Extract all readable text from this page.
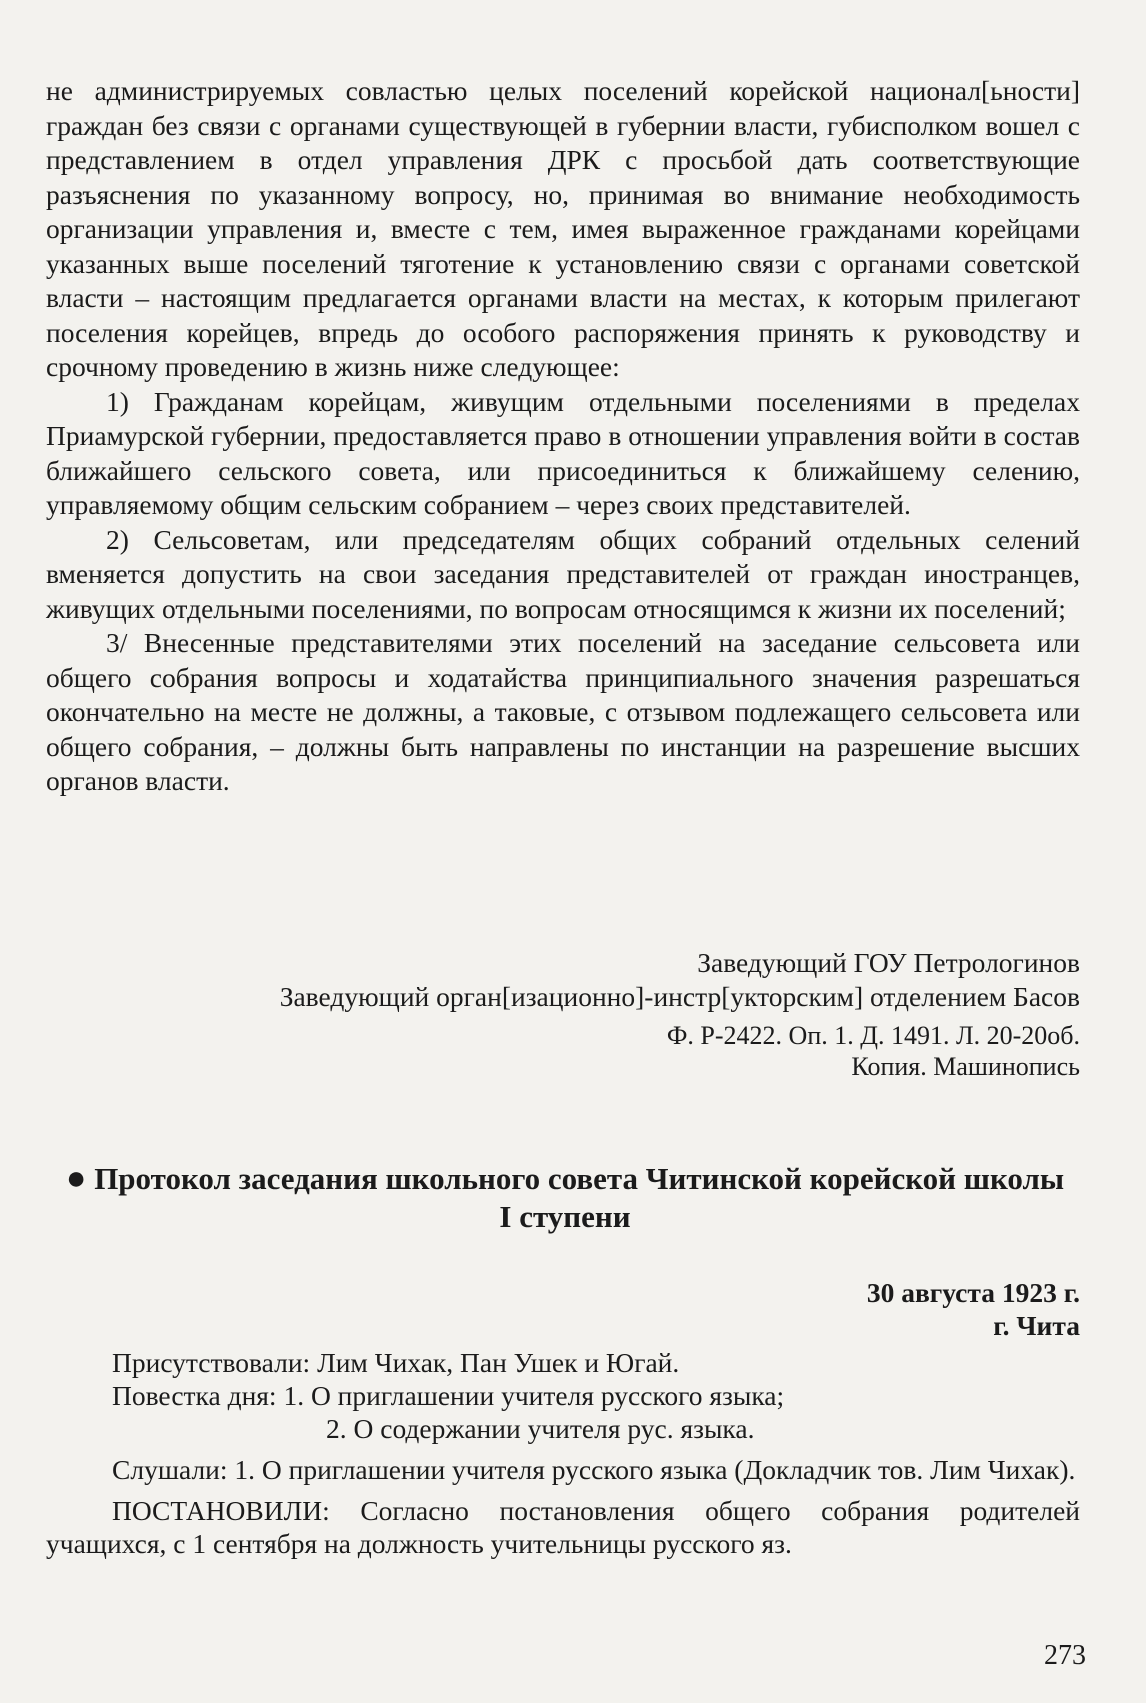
не администрируемых совластью целых поселений корейской национал[ьности] граждан без связи с органами существующей в губернии власти, губисполком вошел с представлением в отдел управления ДРК с просьбой дать соответствующие разъяснения по указанному вопросу, но, принимая во внимание необходимость организации управления и, вместе с тем, имея выраженное гражданами корейцами указанных выше поселений тяготение к установлению связи с органами советской власти – настоящим предлагается органами власти на местах, к которым прилегают поселения корейцев, впредь до особого распоряжения принять к руководству и срочному проведению в жизнь ниже следующее:

1) Гражданам корейцам, живущим отдельными поселениями в пределах Приамурской губернии, предоставляется право в отношении управления войти в состав ближайшего сельского совета, или присоединиться к ближайшему селению, управляемому общим сельским собранием – через своих представителей.

2) Сельсоветам, или председателям общих собраний отдельных селений вменяется допустить на свои заседания представителей от граждан иностранцев, живущих отдельными поселениями, по вопросам относящимся к жизни их поселений;

3/ Внесенные представителями этих поселений на заседание сельсовета или общего собрания вопросы и ходатайства принципиального значения разрешаться окончательно на месте не должны, а таковые, с отзывом подлежащего сельсовета или общего собрания, – должны быть направлены по инстанции на разрешение высших органов власти.

Заведующий ГОУ Петрологинов

Заведующий орган[изационно]-инстр[укторским] отделением Басов

Ф. Р-2422. Оп. 1. Д. 1491. Л. 20-20об.

Копия. Машинопись

● Протокол заседания школьного совета Читинской корейской школы I ступени

30 августа 1923 г.

г. Чита

Присутствовали: Лим Чихак, Пан Ушек и Югай.

Повестка дня: 1. О приглашении учителя русского языка;

2. О содержании учителя рус. языка.

Слушали: 1. О приглашении учителя русского языка (Докладчик тов. Лим Чихак).

ПОСТАНОВИЛИ: Согласно постановления общего собрания родителей учащихся, с 1 сентября на должность учительницы русского яз.

273
